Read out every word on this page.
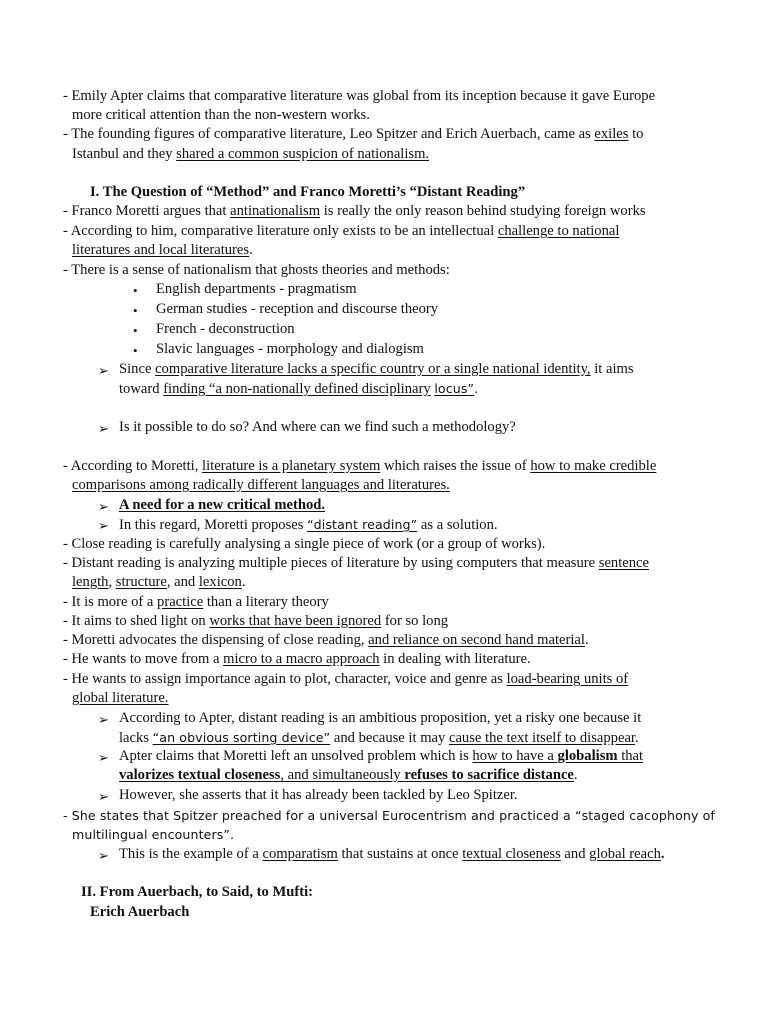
- Emily Apter claims that comparative literature was global from its inception because it gave Europe
more critical attention than the non-western works.
- The founding figures of comparative literature, Leo Spitzer and Erich Auerbach, came as exiles to
Istanbul and they shared a common suspicion of nationalism.
I. The Question of “Method” and Franco Moretti’s “Distant Reading”
- Franco Moretti argues that antinationalism is really the only reason behind studying foreign works
- According to him, comparative literature only exists to be an intellectual challenge to national
literatures and local literatures.
- There is a sense of nationalism that ghosts theories and methods:
• English departments - pragmatism
• German studies - reception and discourse theory
• French - deconstruction
• Slavic languages - morphology and dialogism
➢ Since comparative literature lacks a specific country or a single national identity, it aims
toward finding “a non-nationally defined disciplinary locus”.
➢ Is it possible to do so? And where can we find such a methodology?
- According to Moretti, literature is a planetary system which raises the issue of how to make credible
comparisons among radically different languages and literatures.
➢ A need for a new critical method.
➢ In this regard, Moretti proposes “distant reading” as a solution.
- Close reading is carefully analysing a single piece of work (or a group of works).
- Distant reading is analyzing multiple pieces of literature by using computers that measure sentence
length, structure, and lexicon.
- It is more of a practice than a literary theory
- It aims to shed light on works that have been ignored for so long
- Moretti advocates the dispensing of close reading, and reliance on second hand material.
- He wants to move from a micro to a macro approach in dealing with literature.
- He wants to assign importance again to plot, character, voice and genre as load-bearing units of
global literature.
➢ According to Apter, distant reading is an ambitious proposition, yet a risky one because it
lacks “an obvious sorting device” and because it may cause the text itself to disappear.
➢ Apter claims that Moretti left an unsolved problem which is how to have a globalism that
valorizes textual closeness, and simultaneously refuses to sacrifice distance.
➢ However, she asserts that it has already been tackled by Leo Spitzer.
- She states that Spitzer preached for a universal Eurocentrism and practiced a “staged cacophony of
multilingual encounters”.
➢ This is the example of a comparatism that sustains at once textual closeness and global reach.
II. From Auerbach, to Said, to Mufti:
Erich Auerbach
